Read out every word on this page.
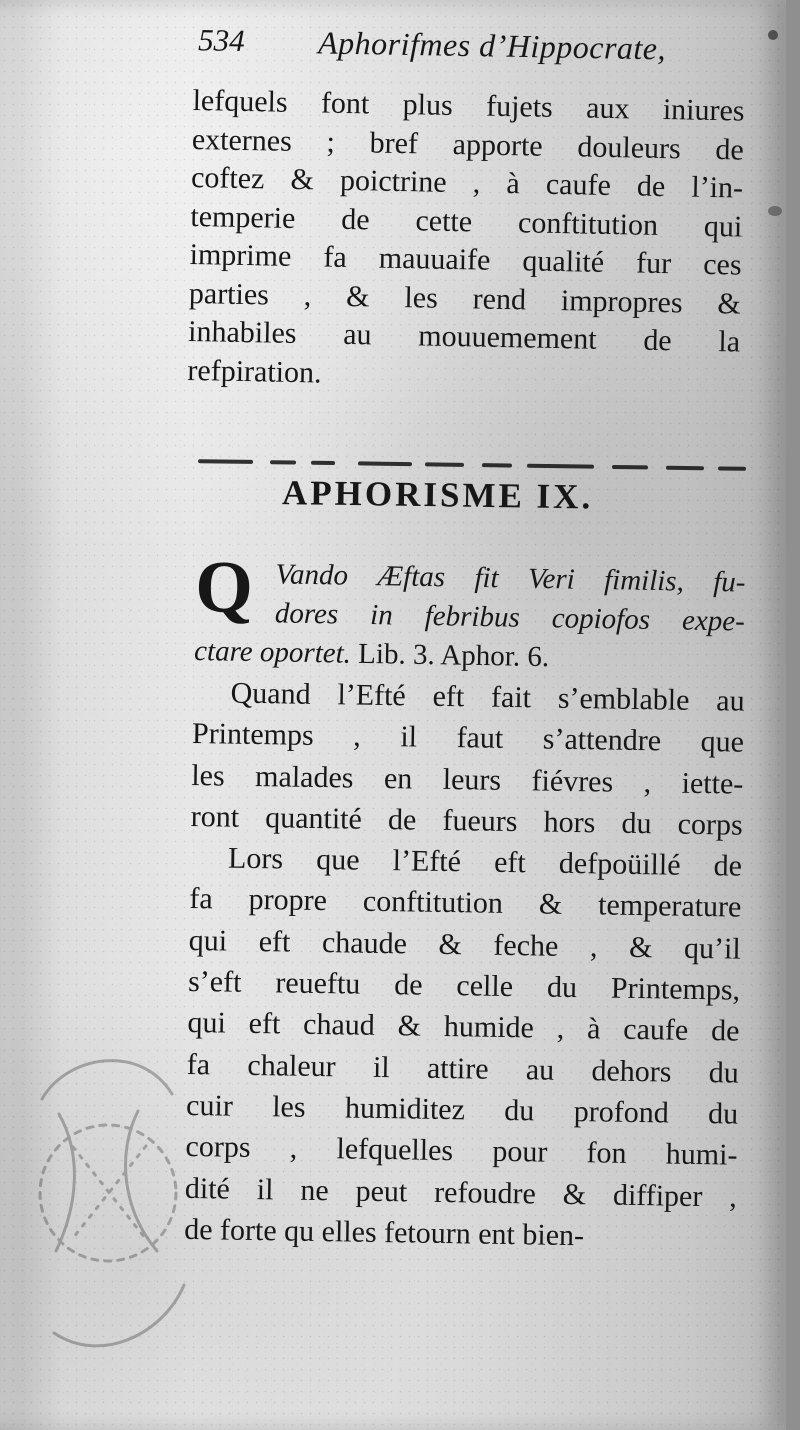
534 Aphorifmes d’Hippocrate,
lefquels font plus fujets aux iniures
externes ; bref apporte douleurs de
coftez & poictrine , à caufe de l’in-
temperie de cette conftitution qui
imprime fa mauuaife qualité fur ces
parties , & les rend impropres &
inhabiles au mouuemement de la
refpiration.
APHORISME IX.
Q Vando Æftas fit Veri fimilis, fu-
dores in febribus copiofos expe-
ctare oportet. Lib. 3. Aphor. 6.
Quand l’Efté eft fait s’emblable au
Printemps , il faut s’attendre que
les malades en leurs fiévres , iette-
ront quantité de fueurs hors du corps
Lors que l’Efté eft defpoüillé de
fa propre conftitution & temperature
qui eft chaude & feche , & qu’il
s’eft reueftu de celle du Printemps,
qui eft chaud & humide , à caufe de
fa chaleur il attire au dehors du
cuir les humiditez du profond du
corps , lefquelles pour fon humi-
dité il ne peut refoudre & diffiper ,
de forte qu elles fetourn ent bien-
